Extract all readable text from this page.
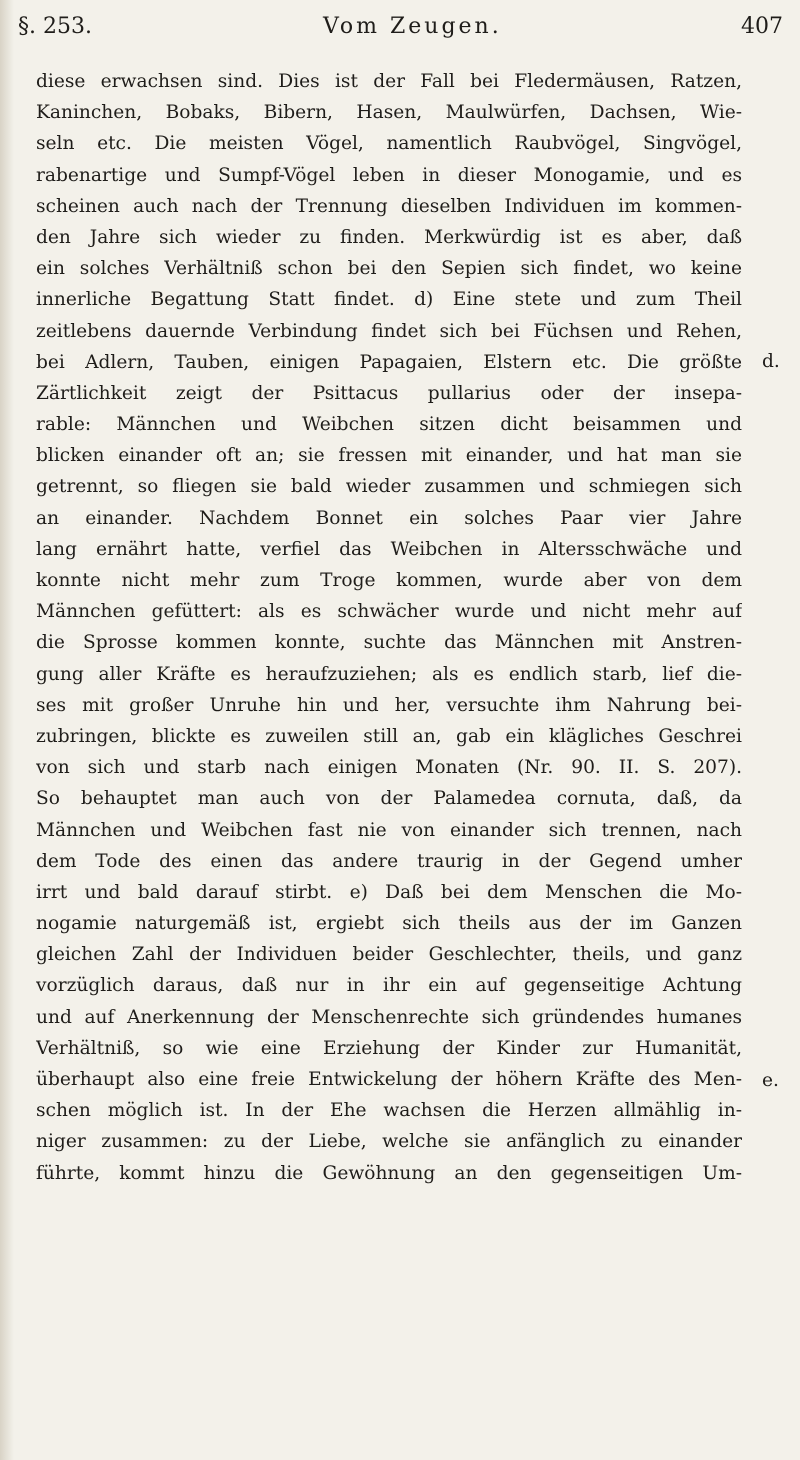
§. 253.	Vom Zeugen.	407
diese erwachsen sind. Dies ist der Fall bei Fledermäusen, Ratzen,
Kaninchen, Bobaks, Bibern, Hasen, Maulwürfen, Dachsen, Wie-
seln etc. Die meisten Vögel, namentlich Raubvögel, Singvögel,
rabenartige und Sumpf-Vögel leben in dieser Monogamie, und es
scheinen auch nach der Trennung dieselben Individuen im kommen-
den Jahre sich wieder zu finden. Merkwürdig ist es aber, daß
ein solches Verhältniß schon bei den Sepien sich findet, wo keine
innerliche Begattung Statt findet. d) Eine stete und zum Theil
zeitlebens dauernde Verbindung findet sich bei Füchsen und Rehen,
bei Adlern, Tauben, einigen Papagaien, Elstern etc. Die größte
Zärtlichkeit zeigt der Psittacus pullarius oder der insepa-
rable: Männchen und Weibchen sitzen dicht beisammen und
blicken einander oft an; sie fressen mit einander, und hat man sie
getrennt, so fliegen sie bald wieder zusammen und schmiegen sich
an einander. Nachdem Bonnet ein solches Paar vier Jahre
lang ernährt hatte, verfiel das Weibchen in Altersschwäche und
konnte nicht mehr zum Troge kommen, wurde aber von dem
Männchen gefüttert: als es schwächer wurde und nicht mehr auf
die Sprosse kommen konnte, suchte das Männchen mit Anstren-
gung aller Kräfte es heraufzuziehen; als es endlich starb, lief die-
ses mit großer Unruhe hin und her, versuchte ihm Nahrung bei-
zubringen, blickte es zuweilen still an, gab ein klägliches Geschrei
von sich und starb nach einigen Monaten (Nr. 90. II. S. 207).
So behauptet man auch von der Palamedea cornuta, daß, da
Männchen und Weibchen fast nie von einander sich trennen, nach
dem Tode des einen das andere traurig in der Gegend umher
irrt und bald darauf stirbt. e) Daß bei dem Menschen die Mo-
nogamie naturgemäß ist, ergiebt sich theils aus der im Ganzen
gleichen Zahl der Individuen beider Geschlechter, theils, und ganz
vorzüglich daraus, daß nur in ihr ein auf gegenseitige Achtung
und auf Anerkennung der Menschenrechte sich gründendes humanes
Verhältniß, so wie eine Erziehung der Kinder zur Humanität,
überhaupt also eine freie Entwickelung der höhern Kräfte des Men-
schen möglich ist. In der Ehe wachsen die Herzen allmählig in-
niger zusammen: zu der Liebe, welche sie anfänglich zu einander
führte, kommt hinzu die Gewöhnung an den gegenseitigen Um-
d.
e.
